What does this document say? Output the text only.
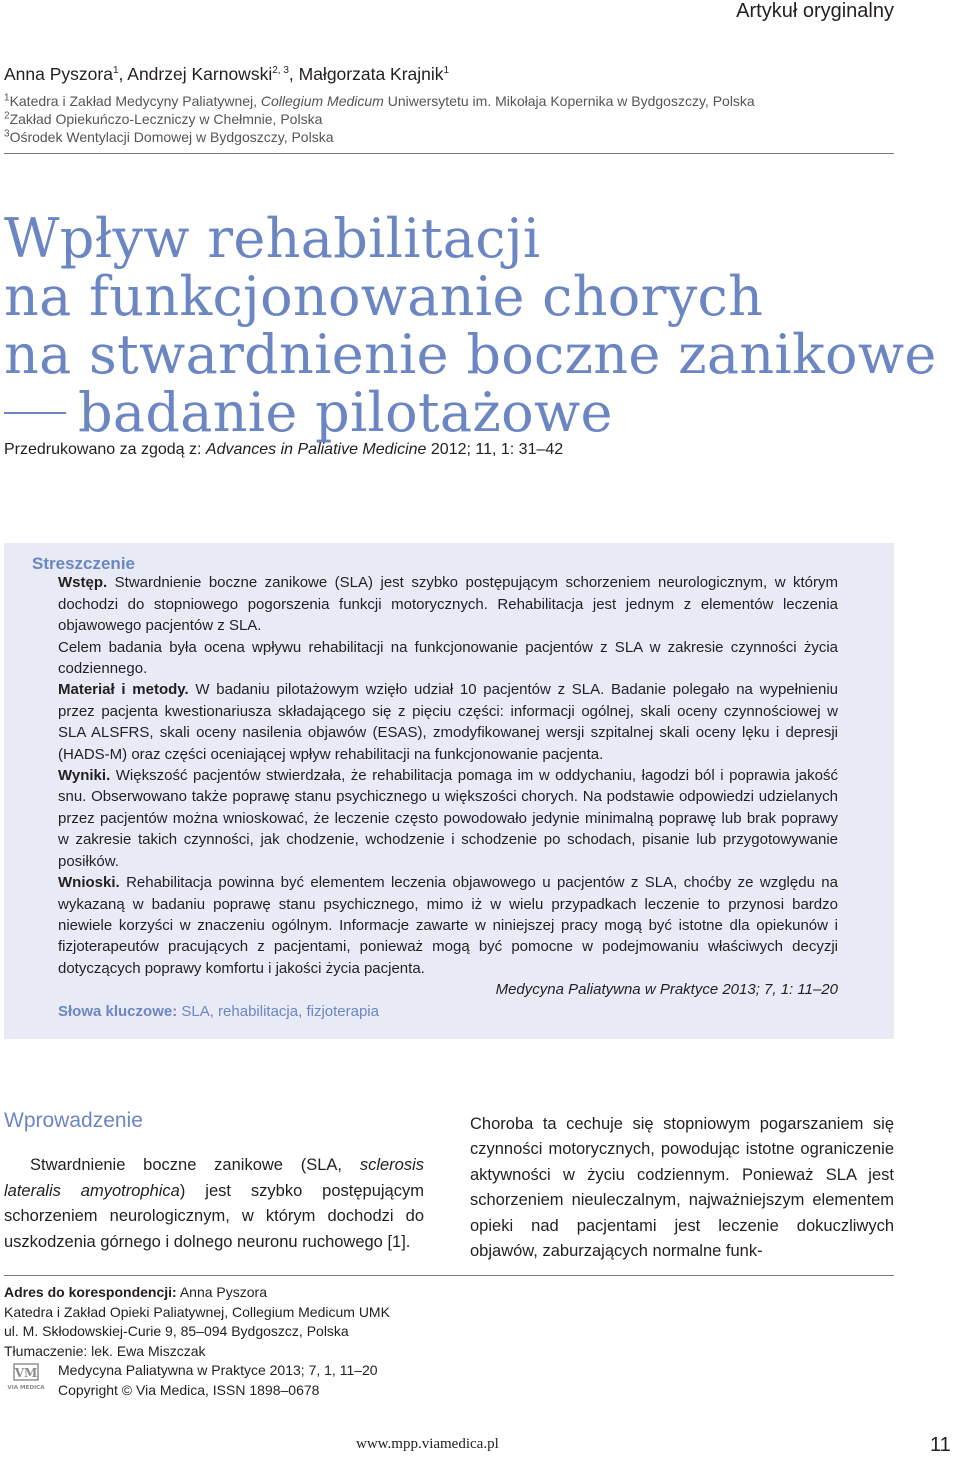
Artykuł oryginalny
Anna Pyszora$^1$, Andrzej Karnowski$^{2, 3}$, Małgorzata Krajnik$^1$
$^1$Katedra i Zakład Medycyny Paliatywnej, Collegium Medicum Uniwersytetu im. Mikołaja Kopernika w Bydgoszczy, Polska
$^2$Zakład Opiekuńczo-Leczniczy w Chełmnie, Polska
$^3$Ośrodek Wentylacji Domowej w Bydgoszczy, Polska
Wpływ rehabilitacji
na funkcjonowanie chorych
na stwardnienie boczne zanikowe
badanie pilotażowe
Przedrukowano za zgodą z: Advances in Paliative Medicine 2012; 11, 1: 31–42
Streszczenie

Wstęp. Stwardnienie boczne zanikowe (SLA) jest szybko postępującym schorzeniem neurologicznym, w którym dochodzi do stopniowego pogorszenia funkcji motorycznych. Rehabilitacja jest jednym z elementów leczenia objawowego pacjentów z SLA.

Celem badania była ocena wpływu rehabilitacji na funkcjonowanie pacjentów z SLA w zakresie czynności życia codziennego.

Materiał i metody. W badaniu pilotażowym wzięło udział 10 pacjentów z SLA. Badanie polegało na wypełnieniu przez pacjenta kwestionariusza składającego się z pięciu części: informacji ogólnej, skali oceny czynnościowej w SLA ALSFRS, skali oceny nasilenia objawów (ESAS), zmodyfikowanej wersji szpitalnej skali oceny lęku i depresji (HADS-M) oraz części oceniającej wpływ rehabilitacji na funkcjonowanie pacjenta.

Wyniki. Większość pacjentów stwierdzała, że rehabilitacja pomaga im w oddychaniu, łagodzi ból i poprawia jakość snu. Obserwowano także poprawę stanu psychicznego u większości chorych. Na podstawie odpowiedzi udzielanych przez pacjentów można wnioskować, że leczenie często powodowało jedynie minimalną poprawę lub brak poprawy w zakresie takich czynności, jak chodzenie, wchodzenie i schodzenie po schodach, pisanie lub przygotowywanie posiłków.

Wnioski. Rehabilitacja powinna być elementem leczenia objawowego u pacjentów z SLA, choćby ze względu na wykazaną w badaniu poprawę stanu psychicznego, mimo iż w wielu przypadkach leczenie to przynosi bardzo niewiele korzyści w znaczeniu ogólnym. Informacje zawarte w niniejszej pracy mogą być istotne dla opiekunów i fizjoterapeutów pracujących z pacjentami, ponieważ mogą być pomocne w podejmowaniu właściwych decyzji dotyczących poprawy komfortu i jakości życia pacjenta.

Medycyna Paliatywna w Praktyce 2013; 7, 1: 11–20

Słowa kluczowe: SLA, rehabilitacja, fizjoterapia

Wprowadzenie

Stwardnienie boczne zanikowe (SLA, sclerosis lateralis amyotrophica) jest szybko postępującym schorzeniem neurologicznym, w którym dochodzi do uszkodzenia górnego i dolnego neuronu ruchowego [1].

Choroba ta cechuje się stopniowym pogarszaniem się czynności motorycznych, powodując istotne ograniczenie aktywności w życiu codziennym. Ponieważ SLA jest schorzeniem nieuleczalnym, najważniejszym elementem opieki nad pacjentami jest leczenie dokuczliwych objawów, zaburzających normalne funk-

Adres do korespondencji: Anna Pyszora
Katedra i Zakład Opieki Paliatywnej, Collegium Medicum UMK
ul. M. Skłodowskiej-Curie 9, 85–094 Bydgoszcz, Polska
Tłumaczenie: lek. Ewa Miszczak
VM
VIA MEDICA
Medycyna Paliatywna w Praktyce 2013; 7, 1, 11–20
Copyright © Via Medica, ISSN 1898–0678
www.mpp.viamedica.pl	11
